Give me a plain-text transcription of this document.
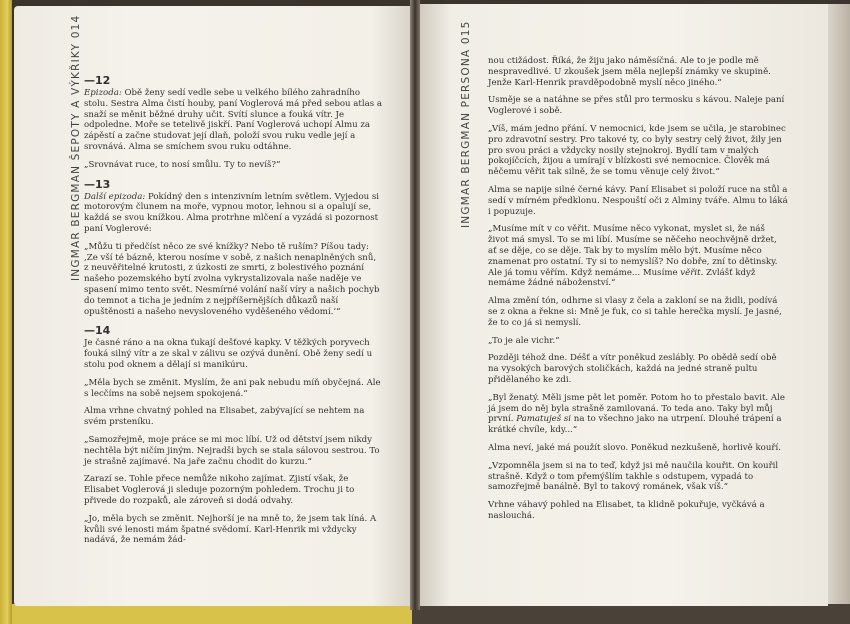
INGMAR BERGMAN ŠEPOTY A VÝKŘIKY 014	INGMAR BERGMAN PERSONA 015
—12

Epizoda: Obě ženy sedí vedle sebe u velkého bílého zahradního stolu. Sestra Alma čistí houby, paní Voglerová má před sebou atlas a snaží se měnit běžné druhy učit. Svítí slunce a fouká vítr. Je odpoledne. Moře se tetelivě jiskří. Paní Voglerová uchopí Almu za zápěstí a začne studovat její dlaň, položí svou ruku vedle její a srovnává. Alma se smíchem svou ruku odtáhne.

„Srovnávat ruce, to nosí smůlu. Ty to nevíš?“

—13

Další epizoda: Pokídný den s intenzivním letním světlem. Vyjedou si motorovým člunem na moře, vypnou motor, lehnou si a opalují se, každá se svou knížkou. Alma protrhne mlčení a vyzádá si pozornost paní Voglerové:

„Můžu ti předčíst něco ze své knížky? Nebo tě ruším? Píšou tady: ‚Ze vší té bázně, kterou nosíme v sobě, z našich nenaplněných snů, z neuvěřitelné krutosti, z úzkosti ze smrti, z bolestivého poznání našeho pozemského bytí zvolna vykrystalizovala naše naděje ve spasení mimo tento svět. Nesmírné volání naší víry a našich pochyb do temnot a ticha je jedním z nejpříšernějších důkazů naší opuštěnosti a našeho nevysloveného vyděšeného vědomí.‘“

—14

Je časné ráno a na okna ťukají dešťové kapky. V těžkých poryvech fouká silný vítr a ze skal v zálivu se ozývá dunění. Obě ženy sedí u stolu pod oknem a dělají si manikúru.

„Měla bych se změnit. Myslím, že ani pak nebudu míň obyčejná. Ale s lecčíms na sobě nejsem spokojená.“

Alma vrhne chvatný pohled na Elisabet, zabývající se nehtem na svém prsteníku.

„Samozřejmě, moje práce se mi moc líbí. Už od dětství jsem nikdy nechtěla být ničím jiným. Nejradši bych se stala sálovou sestrou. To je strašně zajímavé. Na jaře začnu chodit do kurzu.“

Zarazí se. Tohle přece nemůže nikoho zajímat. Zjistí však, že Elisabet Voglerová ji sleduje pozorným pohledem. Trochu ji to přivede do rozpaků, ale zároveň si dodá odvahy.

„Jo, měla bych se změnit. Nejhorší je na mně to, že jsem tak líná. A kvůli své lenosti mám špatné svědomí. Karl-Henrik mi vždycky nadává, že nemám žád-

nou ctižádost. Říká, že žiju jako náměsíčná. Ale to je podle mě nespravedlivé. U zkoušek jsem měla nejlepší známky ve skupině. Jenže Karl-Henrik pravděpodobně myslí něco jiného.“

Usměje se a natáhne se přes stůl pro termosku s kávou. Naleje paní Voglerové i sobě.

„Víš, mám jedno přání. V nemocnici, kde jsem se učila, je starobinec pro zdravotní sestry. Pro takové ty, co byly sestry celý život, žily jen pro svou práci a vždycky nosily stejnokroj. Bydlí tam v malých pokojíčcích, žijou a umírají v blízkosti své nemocnice. Člověk má něčemu věřit tak silně, že se tomu věnuje celý život.“

Alma se napije silné černé kávy. Paní Elisabet si položí ruce na stůl a sedí v mírném předklonu. Nespouští oči z Alminy tváře. Almu to láká i popuzuje.

„Musíme mít v co věřit. Musíme něco vykonat, myslet si, že náš život má smysl. To se mi líbí. Musíme se něčeho neochvějně držet, ať se děje, co se děje. Tak by to myslím mělo být. Musíme něco znamenat pro ostatní. Ty si to nemyslíš? No dobře, zní to dětinsky. Ale já tomu věřím. Když nemáme... Musíme věřit. Zvlášť když nemáme žádné náboženství.“

Alma změní tón, odhrne si vlasy z čela a zakloní se na židli, podívá se z okna a řekne si: Mně je fuk, co si tahle herečka myslí. Je jasné, že to co já si nemyslí.

„To je ale vichr.“

Později téhož dne. Déšť a vítr poněkud zeslábly. Po obědě sedí obě na vysokých barových stoličkách, každá na jedné straně pultu přidělaného ke zdi.

„Byl ženatý. Měli jsme pět let poměr. Potom ho to přestalo bavit. Ale já jsem do něj byla strašně zamilovaná. To teda ano. Taky byl můj první. Pamatuješ si na to všechno jako na utrpení. Dlouhé trápení a krátké chvíle, kdy...“

Alma neví, jaké má použít slovo. Poněkud nezkušeně, horlivě kouří.

„Vzpomněla jsem si na to teď, když jsi mě naučila kouřit. On kouřil strašně. Když o tom přemýšlím takhle s odstupem, vypadá to samozřejmě banálně. Byl to takový románek, však víš.“

Vrhne váhavý pohled na Elisabet, ta klidně pokuřuje, vyčkává a naslouchá.
